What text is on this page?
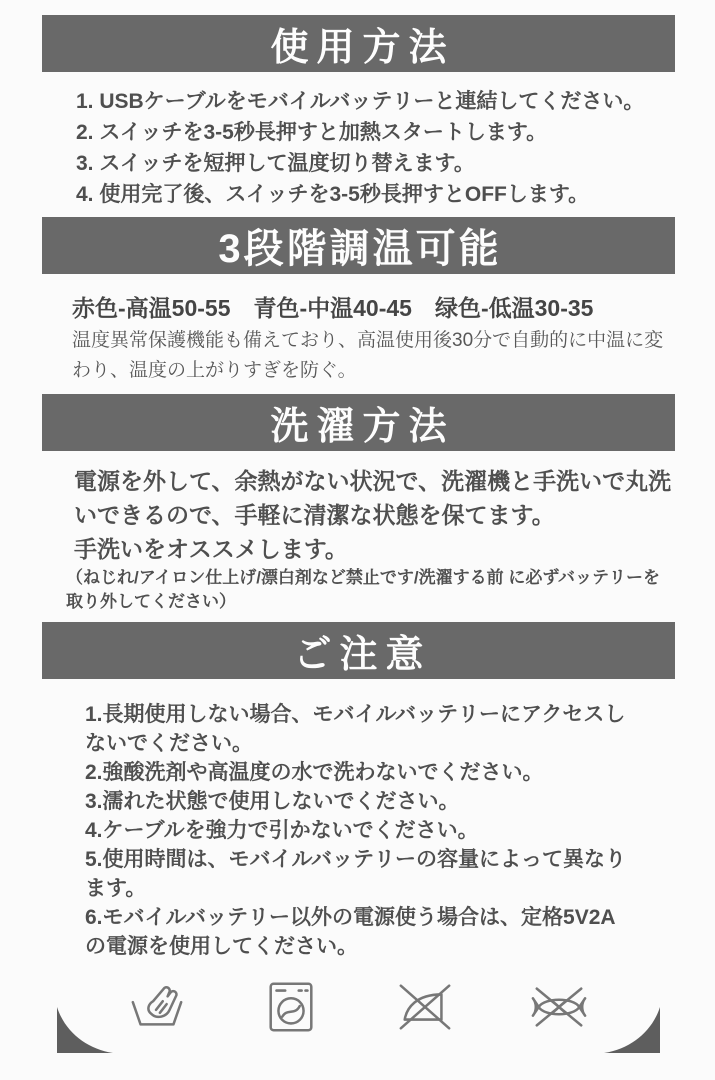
使用方法
1. USBケーブルをモバイルバッテリーと連結してください。
2. スイッチを3-5秒長押すと加熱スタートします。
3. スイッチを短押して温度切り替えます。
4. 使用完了後、スイッチを3-5秒長押すとOFFします。
3段階調温可能
赤色-高温50-55　青色-中温40-45　绿色-低温30-35
温度異常保護機能も備えており、高温使用後30分で自動的に中温に変わり、温度の上がりすぎを防ぐ。
洗濯方法
電源を外して、余熱がない状況で、洗濯機と手洗いで丸洗いできるので、手軽に清潔な状態を保てます。
手洗いをオススメします。
（ねじれ/アイロン仕上げ/漂白剤など禁止です/洗濯する前 に必ずバッテリーを取り外してください）
ご注意
1.長期使用しない場合、モバイルバッテリーにアクセスしないでください。
2.強酸洗剤や高温度の水で洗わないでください。
3.濡れた状態で使用しないでください。
4.ケーブルを強力で引かないでください。
5.使用時間は、モバイルバッテリーの容量によって異なります。
6.モバイルバッテリー以外の電源使う場合は、定格5V2Aの電源を使用してください。
